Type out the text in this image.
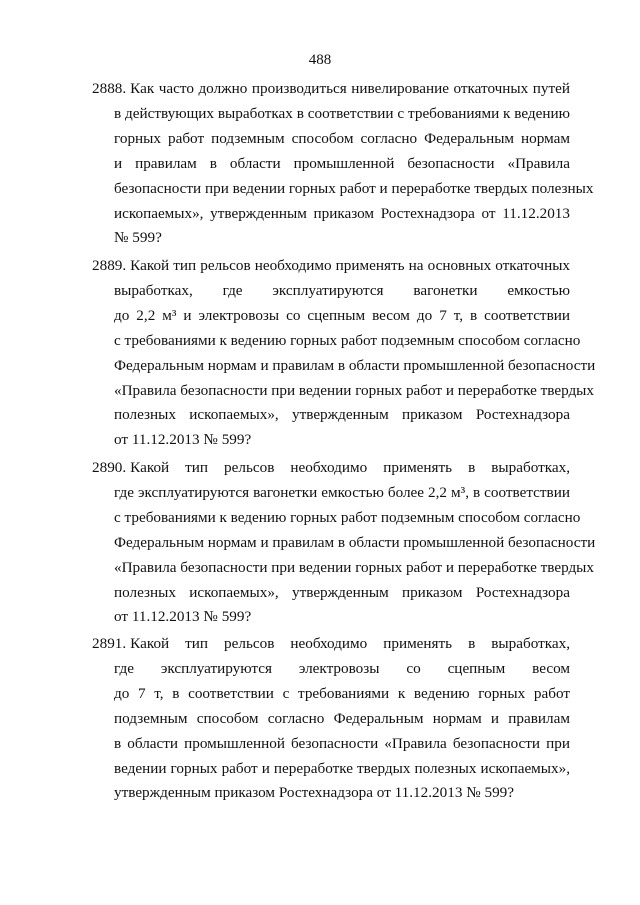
488
2888. Как часто должно производиться нивелирование откаточных путей
в действующих выработках в соответствии с требованиями к ведению
горных работ подземным способом согласно Федеральным нормам
и правилам в области промышленной безопасности «Правила
безопасности при ведении горных работ и переработке твердых полезных
ископаемых», утвержденным приказом Ростехнадзора от 11.12.2013
№ 599?
2889. Какой тип рельсов необходимо применять на основных откаточных
выработках, где эксплуатируются вагонетки емкостью
до 2,2 м³ и электровозы со сцепным весом до 7 т, в соответствии
с требованиями к ведению горных работ подземным способом согласно
Федеральным нормам и правилам в области промышленной безопасности
«Правила безопасности при ведении горных работ и переработке твердых
полезных ископаемых», утвержденным приказом Ростехнадзора
от 11.12.2013 № 599?
2890. Какой тип рельсов необходимо применять в выработках,
где эксплуатируются вагонетки емкостью более 2,2 м³, в соответствии
с требованиями к ведению горных работ подземным способом согласно
Федеральным нормам и правилам в области промышленной безопасности
«Правила безопасности при ведении горных работ и переработке твердых
полезных ископаемых», утвержденным приказом Ростехнадзора
от 11.12.2013 № 599?
2891. Какой тип рельсов необходимо применять в выработках,
где эксплуатируются электровозы со сцепным весом
до 7 т, в соответствии с требованиями к ведению горных работ
подземным способом согласно Федеральным нормам и правилам
в области промышленной безопасности «Правила безопасности при
ведении горных работ и переработке твердых полезных ископаемых»,
утвержденным приказом Ростехнадзора от 11.12.2013 № 599?
